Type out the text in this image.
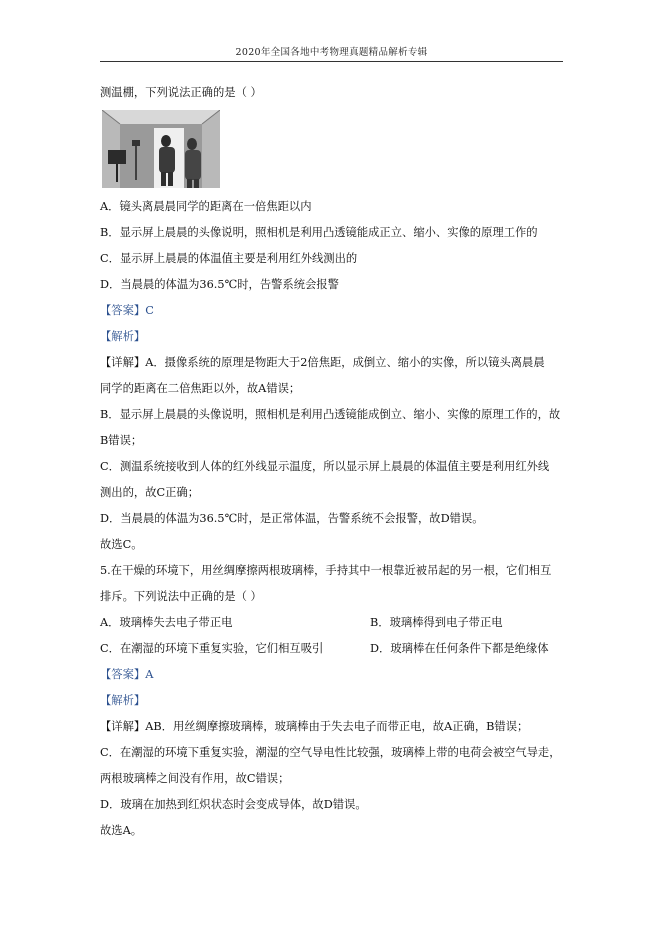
2020年全国各地中考物理真题精品解析专辑
测温棚，下列说法正确的是（ ）
A．镜头离晨晨同学的距离在一倍焦距以内
B．显示屏上晨晨的头像说明，照相机是利用凸透镜能成正立、缩小、实像的原理工作的
C．显示屏上晨晨的体温值主要是利用红外线测出的
D．当晨晨的体温为36.5℃时，告警系统会报警
【答案】C
【解析】
【详解】A．摄像系统的原理是物距大于2倍焦距，成倒立、缩小的实像，所以镜头离晨晨
同学的距离在二倍焦距以外，故A错误；
B．显示屏上晨晨的头像说明，照相机是利用凸透镜能成倒立、缩小、实像的原理工作的，故
B错误；
C．测温系统接收到人体的红外线显示温度，所以显示屏上晨晨的体温值主要是利用红外线
测出的，故C正确；
D．当晨晨的体温为36.5℃时，是正常体温，告警系统不会报警，故D错误。
故选C。
5.在干燥的环境下，用丝绸摩擦两根玻璃棒，手持其中一根靠近被吊起的另一根，它们相互
排斥。下列说法中正确的是（ ）
A．玻璃棒失去电子带正电	B．玻璃棒得到电子带正电
C．在潮湿的环境下重复实验，它们相互吸引	D．玻璃棒在任何条件下都是绝缘体
【答案】A
【解析】
【详解】AB．用丝绸摩擦玻璃棒，玻璃棒由于失去电子而带正电，故A正确，B错误；
C．在潮湿的环境下重复实验，潮湿的空气导电性比较强，玻璃棒上带的电荷会被空气导走，
两根玻璃棒之间没有作用，故C错误；
D．玻璃在加热到红炽状态时会变成导体，故D错误。
故选A。
